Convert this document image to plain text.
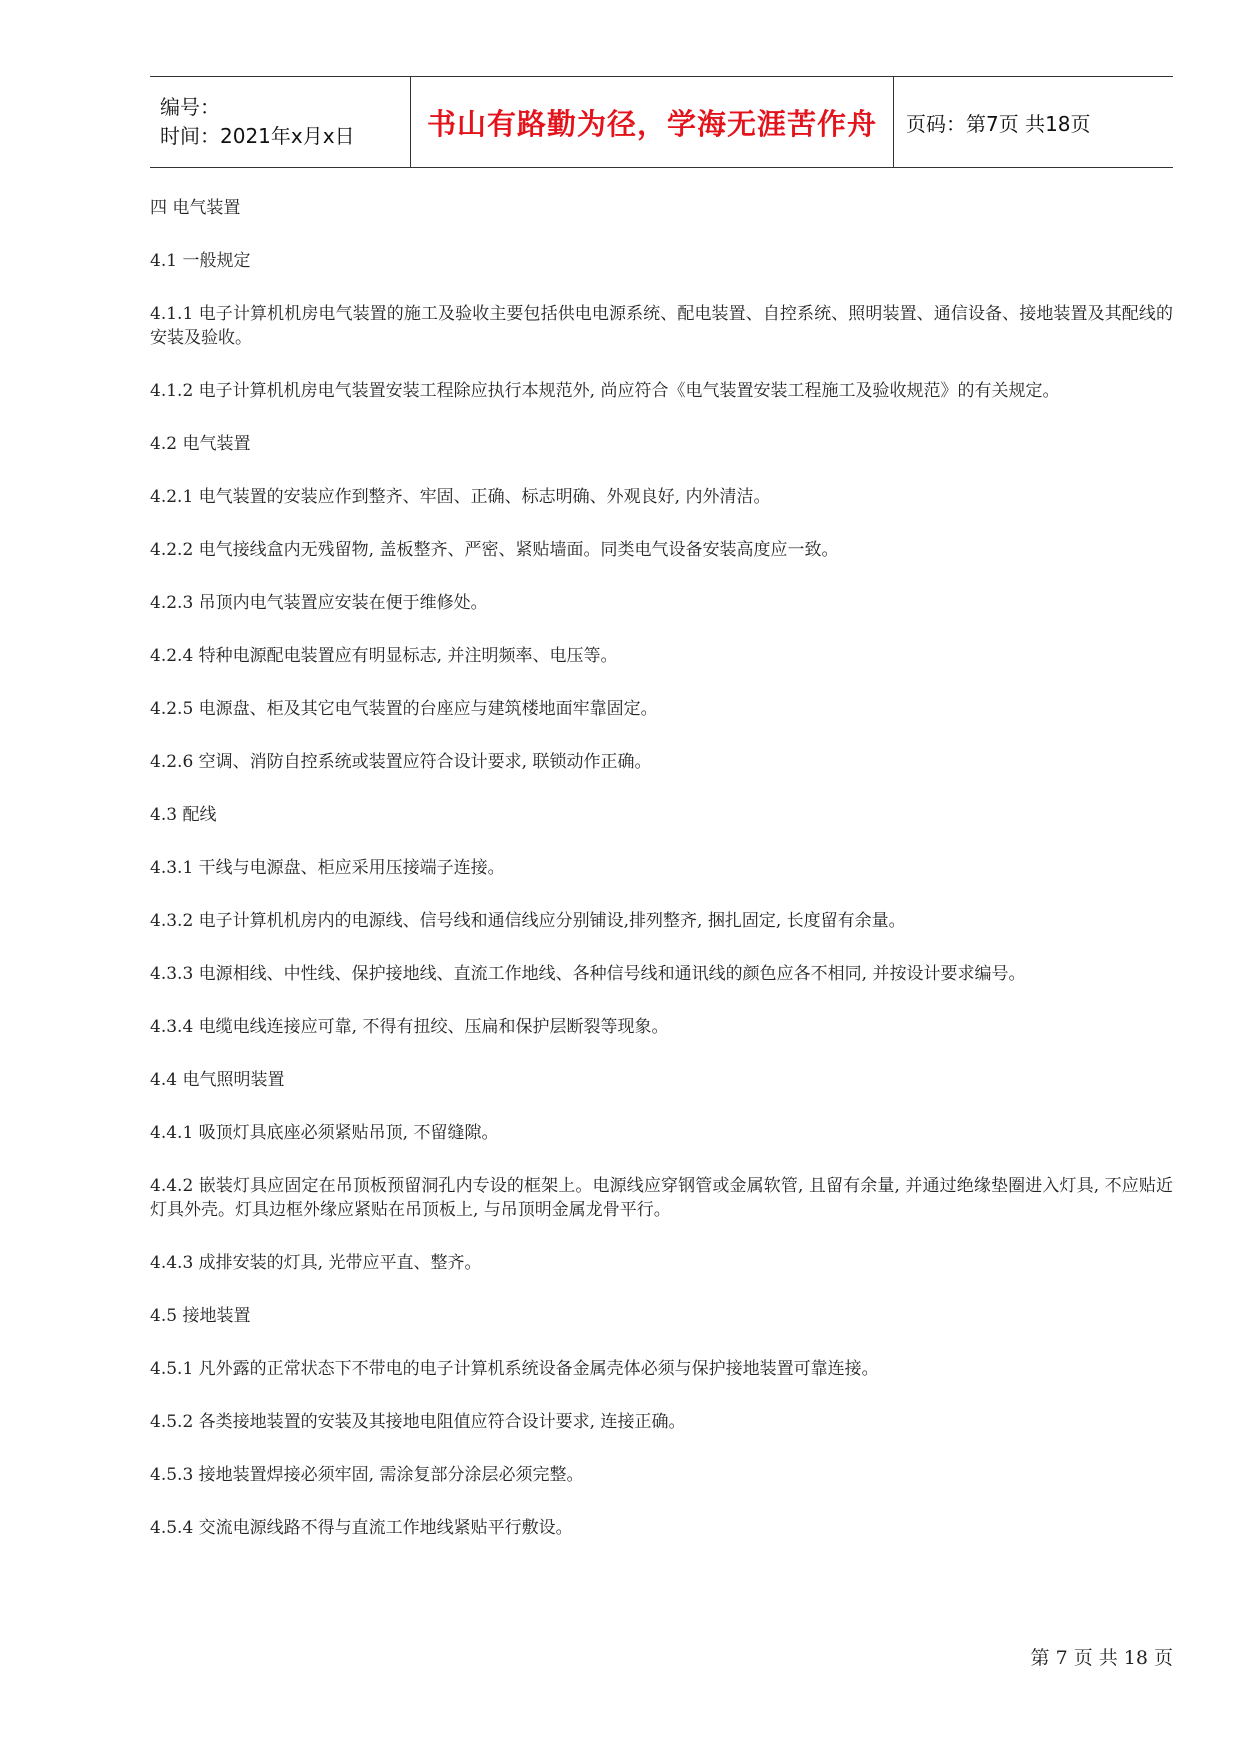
编号：
时间：2021年x月x日	书山有路勤为径，学海无涯苦作舟	页码：第7页 共18页

四 电气装置

4.1 一般规定

4.1.1 电子计算机机房电气装置的施工及验收主要包括供电电源系统、配电装置、自控系统、照明装置、通信设备、接地装置及其配线的安装及验收。

4.1.2 电子计算机机房电气装置安装工程除应执行本规范外, 尚应符合《电气装置安装工程施工及验收规范》的有关规定。

4.2 电气装置

4.2.1 电气装置的安装应作到整齐、牢固、正确、标志明确、外观良好, 内外清洁。

4.2.2 电气接线盒内无残留物, 盖板整齐、严密、紧贴墙面。同类电气设备安装高度应一致。

4.2.3 吊顶内电气装置应安装在便于维修处。

4.2.4 特种电源配电装置应有明显标志, 并注明频率、电压等。

4.2.5 电源盘、柜及其它电气装置的台座应与建筑楼地面牢靠固定。

4.2.6 空调、消防自控系统或装置应符合设计要求, 联锁动作正确。

4.3 配线

4.3.1 干线与电源盘、柜应采用压接端子连接。

4.3.2 电子计算机机房内的电源线、信号线和通信线应分别铺设,排列整齐, 捆扎固定, 长度留有余量。

4.3.3 电源相线、中性线、保护接地线、直流工作地线、各种信号线和通讯线的颜色应各不相同, 并按设计要求编号。

4.3.4 电缆电线连接应可靠, 不得有扭绞、压扁和保护层断裂等现象。

4.4 电气照明装置

4.4.1 吸顶灯具底座必须紧贴吊顶, 不留缝隙。

4.4.2 嵌装灯具应固定在吊顶板预留洞孔内专设的框架上。电源线应穿钢管或金属软管, 且留有余量, 并通过绝缘垫圈进入灯具, 不应贴近灯具外壳。灯具边框外缘应紧贴在吊顶板上, 与吊顶明金属龙骨平行。

4.4.3 成排安装的灯具, 光带应平直、整齐。

4.5 接地装置

4.5.1 凡外露的正常状态下不带电的电子计算机系统设备金属壳体必须与保护接地装置可靠连接。

4.5.2 各类接地装置的安装及其接地电阻值应符合设计要求, 连接正确。

4.5.3 接地装置焊接必须牢固, 需涂复部分涂层必须完整。

4.5.4 交流电源线路不得与直流工作地线紧贴平行敷设。

第 7 页 共 18 页
